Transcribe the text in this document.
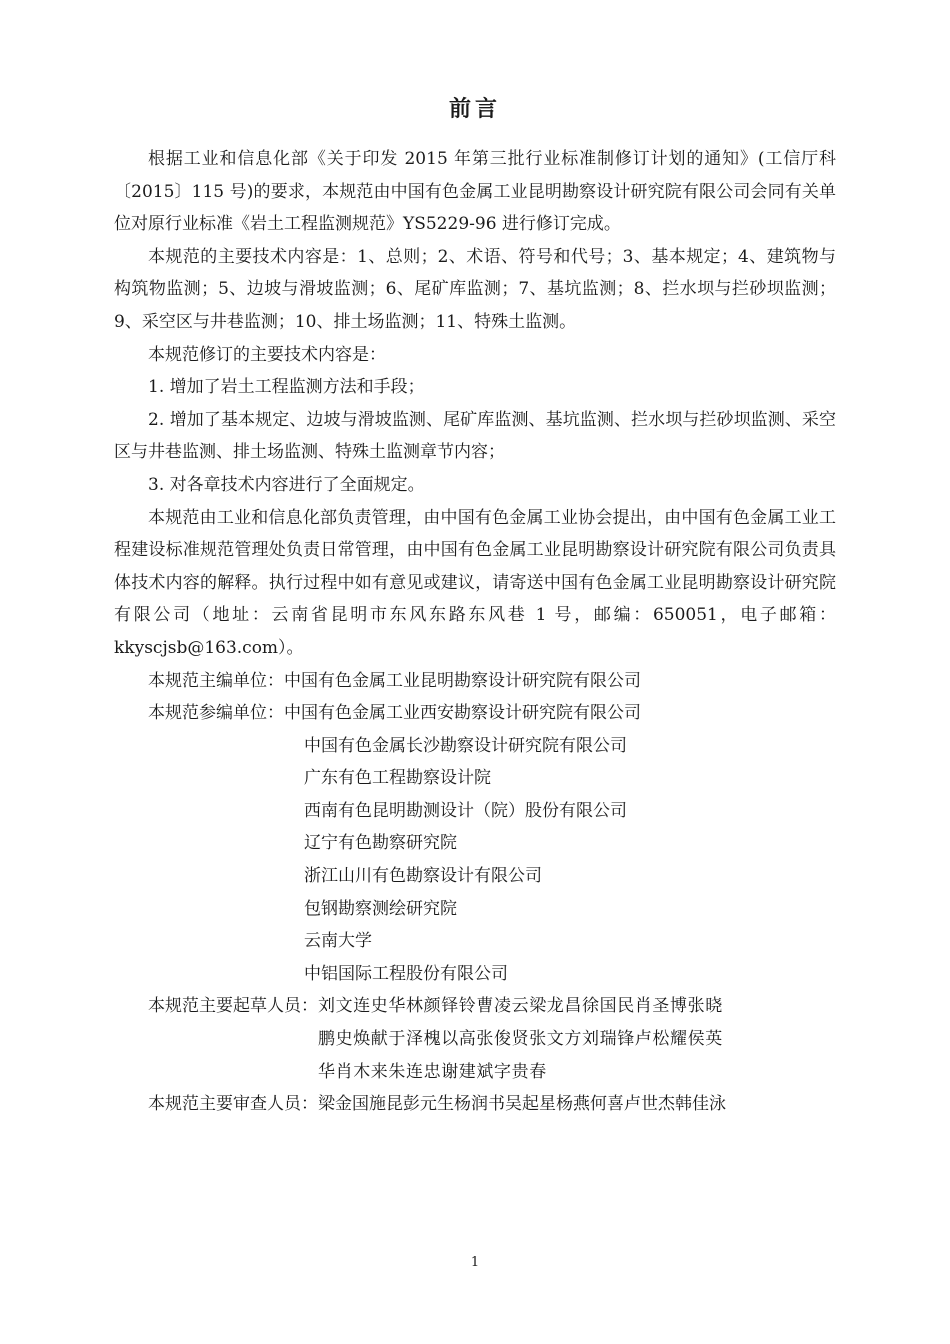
前言

根据工业和信息化部《关于印发 2015 年第三批行业标准制修订计划的通知》(工信厅科〔2015〕115 号)的要求，本规范由中国有色金属工业昆明勘察设计研究院有限公司会同有关单位对原行业标准《岩土工程监测规范》YS5229-96 进行修订完成。

本规范的主要技术内容是：1、总则；2、术语、符号和代号；3、基本规定；4、建筑物与构筑物监测；5、边坡与滑坡监测；6、尾矿库监测；7、基坑监测；8、拦水坝与拦砂坝监测；9、采空区与井巷监测；10、排土场监测；11、特殊土监测。

本规范修订的主要技术内容是：

1. 增加了岩土工程监测方法和手段；

2. 增加了基本规定、边坡与滑坡监测、尾矿库监测、基坑监测、拦水坝与拦砂坝监测、采空区与井巷监测、排土场监测、特殊土监测章节内容；

3. 对各章技术内容进行了全面规定。

本规范由工业和信息化部负责管理，由中国有色金属工业协会提出，由中国有色金属工业工程建设标准规范管理处负责日常管理，由中国有色金属工业昆明勘察设计研究院有限公司负责具体技术内容的解释。执行过程中如有意见或建议，请寄送中国有色金属工业昆明勘察设计研究院有限公司（地址：云南省昆明市东风东路东风巷 1 号，邮编：650051，电子邮箱：kkyscjsb@163.com）。

本规范主编单位：中国有色金属工业昆明勘察设计研究院有限公司
本规范参编单位：中国有色金属工业西安勘察设计研究院有限公司
中国有色金属长沙勘察设计研究院有限公司
广东有色工程勘察设计院
西南有色昆明勘测设计（院）股份有限公司
辽宁有色勘察研究院
浙江山川有色勘察设计有限公司
包钢勘察测绘研究院
云南大学
中铝国际工程股份有限公司
本规范主要起草人员： 刘文连史华林颜铎铃曹凌云梁龙昌徐国民肖圣博张晓鹏史焕献于泽槐以高张俊贤张文方刘瑞锋卢松耀侯英华肖木来朱连忠谢建斌字贵春
本规范主要审查人员：梁金国施昆彭元生杨润书吴起星杨燕何喜卢世杰韩佳泳
1
